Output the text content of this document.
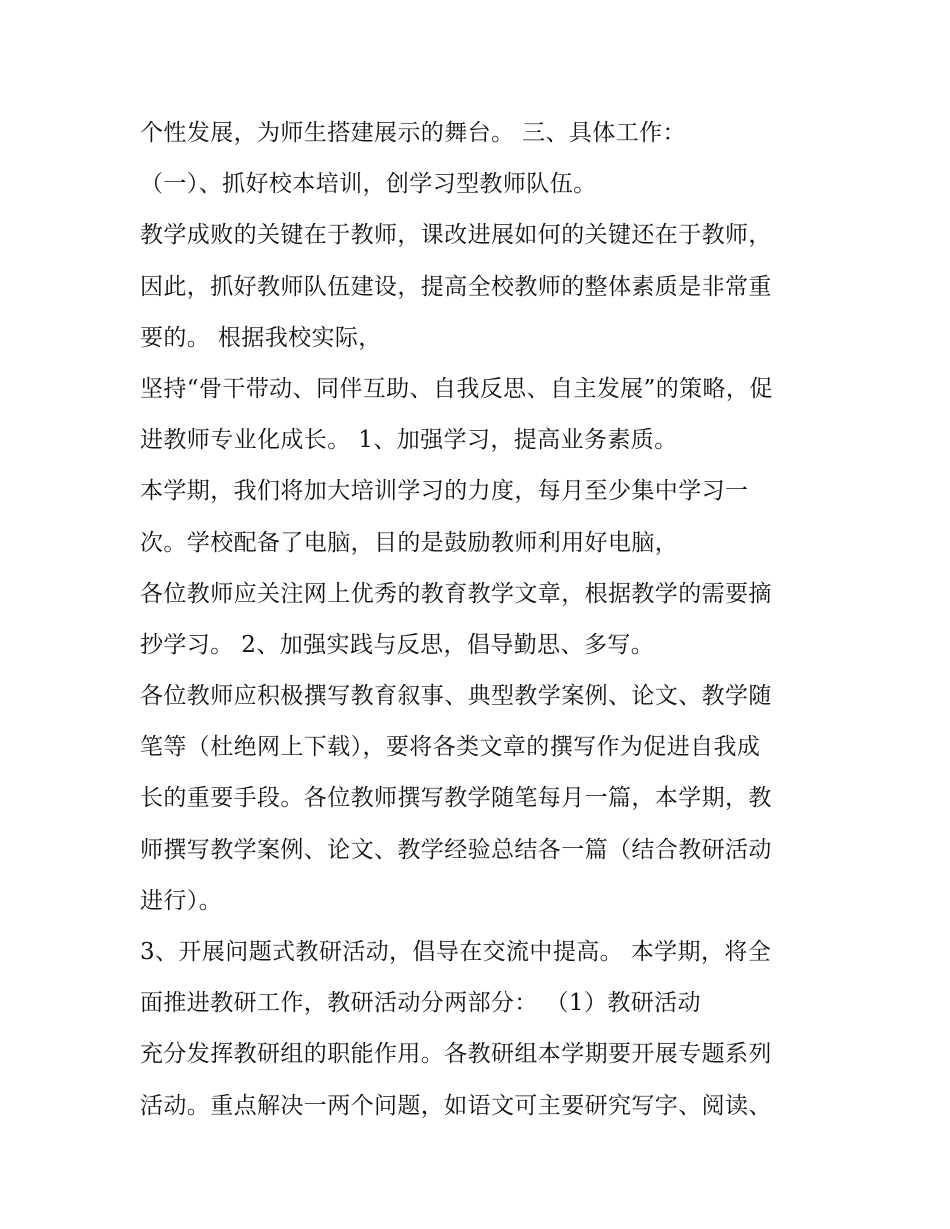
个性发展，为师生搭建展示的舞台。 三、具体工作：
（一）、抓好校本培训，创学习型教师队伍。
教学成败的关键在于教师，课改进展如何的关键还在于教师，
因此，抓好教师队伍建设，提高全校教师的整体素质是非常重
要的。 根据我校实际，
坚持“骨干带动、同伴互助、自我反思、自主发展”的策略，促
进教师专业化成长。 1、加强学习，提高业务素质。
本学期，我们将加大培训学习的力度，每月至少集中学习一
次。学校配备了电脑，目的是鼓励教师利用好电脑，
各位教师应关注网上优秀的教育教学文章，根据教学的需要摘
抄学习。 2、加强实践与反思，倡导勤思、多写。
各位教师应积极撰写教育叙事、典型教学案例、论文、教学随
笔等（杜绝网上下载），要将各类文章的撰写作为促进自我成
长的重要手段。各位教师撰写教学随笔每月一篇，本学期，教
师撰写教学案例、论文、教学经验总结各一篇（结合教研活动
进行）。
3、开展问题式教研活动，倡导在交流中提高。 本学期，将全
面推进教研工作，教研活动分两部分： （1）教研活动
充分发挥教研组的职能作用。各教研组本学期要开展专题系列
活动。重点解决一两个问题，如语文可主要研究写字、阅读、
